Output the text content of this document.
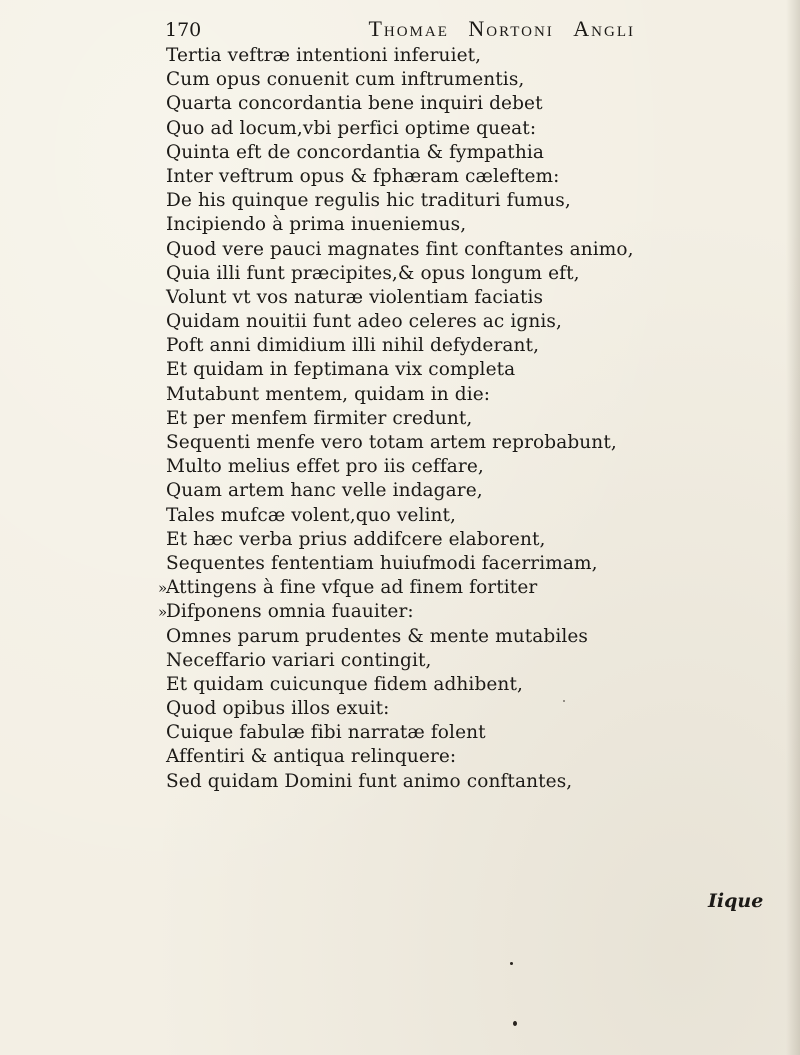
170	Thomae Nortoni Angli
Tertia veftræ intentioni inferuiet,
Cum opus conuenit cum inftrumentis,
Quarta concordantia bene inquiri debet
Quo ad locum,vbi perfici optime queat:
Quinta eft de concordantia & fympathia
Inter veftrum opus & fphæram cæleftem:
De his quinque regulis hic tradituri fumus,
Incipiendo à prima inueniemus,
Quod vere pauci magnates fint conftantes animo,
Quia illi funt præcipites,& opus longum eft,
Volunt vt vos naturæ violentiam faciatis
Quidam nouitii funt adeo celeres ac ignis,
Poft anni dimidium illi nihil defyderant,
Et quidam in feptimana vix completa
Mutabunt mentem, quidam in die:
Et per menfem firmiter credunt,
Sequenti menfe vero totam artem reprobabunt,
Multo melius effet pro iis ceffare,
Quam artem hanc velle indagare,
Tales mufcæ volent,quo velint,
Et hæc verba prius addifcere elaborent,
Sequentes fententiam huiufmodi facerrimam,
»
Attingens à fine vfque ad finem fortiter
»
Difponens omnia fuauiter:
Omnes parum prudentes & mente mutabiles
Neceffario variari contingit,
Et quidam cuicunque fidem adhibent,
Quod opibus illos exuit:
Cuique fabulæ fibi narratæ folent
Affentiri & antiqua relinquere:
Sed quidam Domini funt animo conftantes,
Iique
